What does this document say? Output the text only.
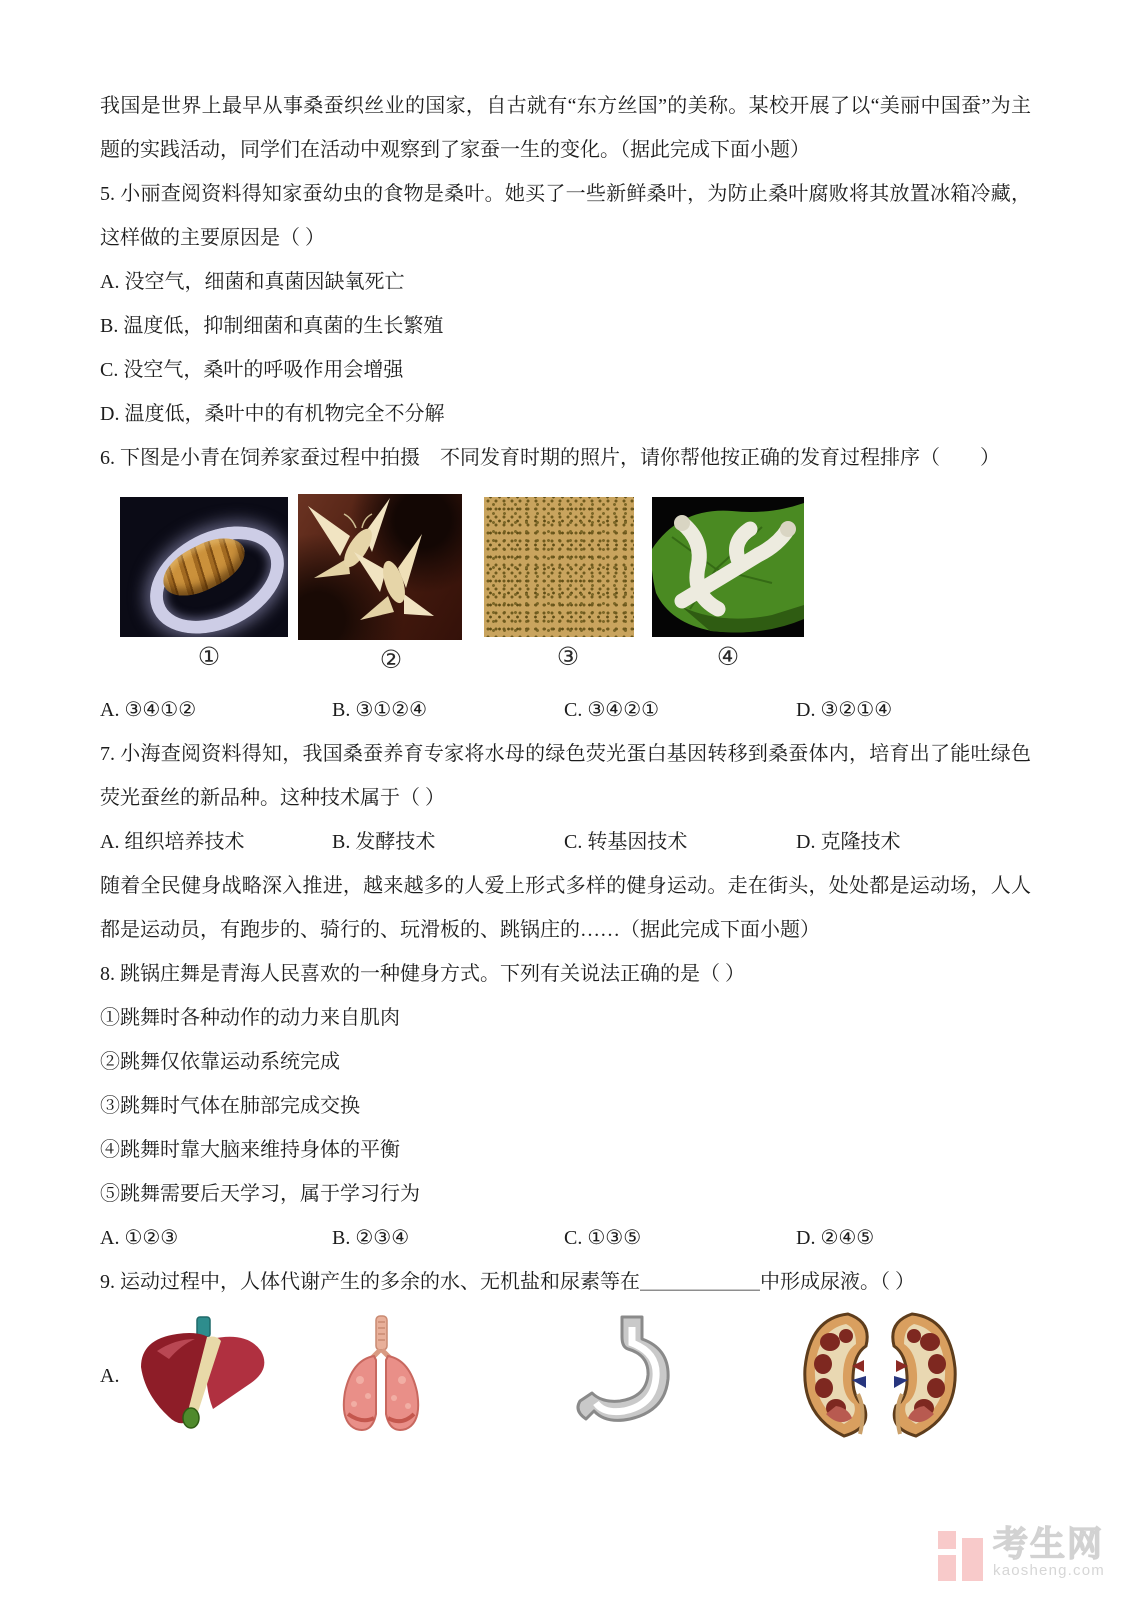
我国是世界上最早从事桑蚕织丝业的国家，自古就有“东方丝国”的美称。某校开展了以“美丽中国蚕”为主题的实践活动，同学们在活动中观察到了家蚕一生的变化。（据此完成下面小题）

5. 小丽查阅资料得知家蚕幼虫的食物是桑叶。她买了一些新鲜桑叶，为防止桑叶腐败将其放置冰箱冷藏，这样做的主要原因是（ ）

A. 没空气，细菌和真菌因缺氧死亡

B. 温度低，抑制细菌和真菌的生长繁殖

C. 没空气，桑叶的呼吸作用会增强

D. 温度低，桑叶中的有机物完全不分解

6. 下图是小青在饲养家蚕过程中拍摄　不同发育时期的照片，请你帮他按正确的发育过程排序（　　）

①	②	③	④
A. ③④①②	B. ③①②④	C. ③④②①	D. ③②①④

7. 小海查阅资料得知，我国桑蚕养育专家将水母的绿色荧光蛋白基因转移到桑蚕体内，培育出了能吐绿色荧光蚕丝的新品种。这种技术属于（ ）

A. 组织培养技术	B. 发酵技术	C. 转基因技术	D. 克隆技术

随着全民健身战略深入推进，越来越多的人爱上形式多样的健身运动。走在街头，处处都是运动场，人人都是运动员，有跑步的、骑行的、玩滑板的、跳锅庄的……（据此完成下面小题）

8. 跳锅庄舞是青海人民喜欢的一种健身方式。下列有关说法正确的是（ ）

①跳舞时各种动作的动力来自肌肉

②跳舞仅依靠运动系统完成

③跳舞时气体在肺部完成交换

④跳舞时靠大脑来维持身体的平衡

⑤跳舞需要后天学习，属于学习行为

A. ①②③	B. ②③④	C. ①③⑤	D. ②④⑤

9. 运动过程中，人体代谢产生的多余的水、无机盐和尿素等在＿＿＿＿＿＿中形成尿液。（ ）

A.
考生网
kaosheng.com
